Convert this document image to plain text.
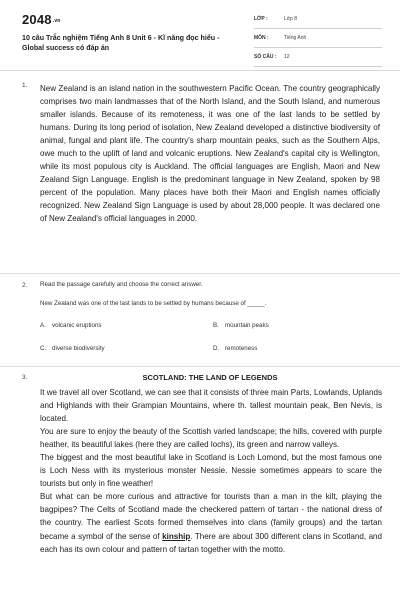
2048.vn
10 câu Trắc nghiệm Tiếng Anh 8 Unit 6 - Kĩ năng đọc hiểu - Global success có đáp án
LỚP :	Lớp 8
MÔN :	Tiếng Anh
SỐ CÂU : 12
1. New Zealand is an island nation in the southwestern Pacific Ocean. The country geographically comprises two main landmasses that of the North Island, and the South Island, and numerous smaller islands. Because of its remoteness, it was one of the last lands to be settled by humans. During its long period of isolation, New Zealand developed a distinctive biodiversity of animal, fungal and plant life. The country's sharp mountain peaks, such as the Southern Alps, owe much to the uplift of land and volcanic eruptions. New Zealand's capital city is Wellington, while its most populous city is Auckland. The official languages are English, Maori and New Zealand Sign Language. English is the predominant language in New Zealand, spoken by 98 percent of the population. Many places have both their Maori and English names officially recognized. New Zealand Sign Language is used by about 28,000 people. It was declared one of New Zealand's official languages in 2000.
2. Read the passage carefully and choose the correct answer.
New Zealand was one of the last lands to be settled by humans because of _____.
A. volcanic eruptions	B. mountain peaks
C. diverse biodiversity	D. remoteness
3.	SCOTLAND: THE LAND OF LEGENDS
It we travel all over Scotland, we can see that it consists of three main Parts, Lowlands, Uplands and Highlands with their Grampian Mountains, where th. tallest mountain peak, Ben Nevis, is located.
You are sure to enjoy the beauty of the Scottish varied landscape; the hills, covered with purple heather, its beautiful lakes (here they are called lochs), its green and narrow valleys.
The biggest and the most beautiful lake in Scotland is Loch Lomond, but the most famous one is Loch Ness with its mysterious monster Nessie. Nessie sometimes appears to scare the tourists but only in fine weather!
But what can be more curious and attractive for tourists than a man in the kilt, playing the bagpipes? The Celts of Scotland made the checkered pattern of tartan - the national dress of the country. The earliest Scots formed themselves into clans (family groups) and the tartan became a symbol of the sense of kinship. There are about 300 different clans in Scotland, and each has its own colour and pattern of tartan together with the motto.
